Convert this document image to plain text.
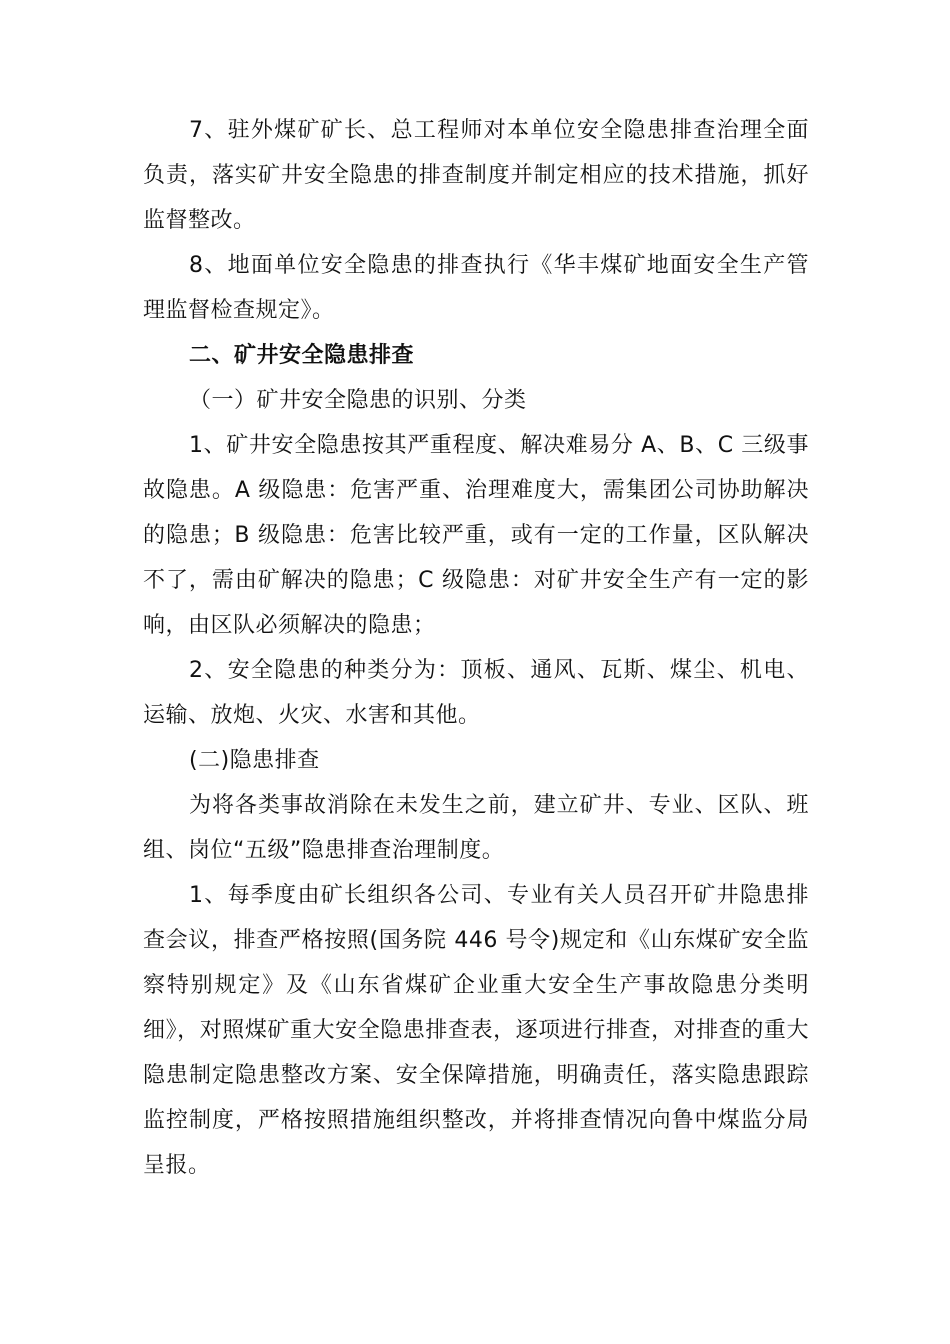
7、驻外煤矿矿长、总工程师对本单位安全隐患排查治理全面负责，落实矿井安全隐患的排查制度并制定相应的技术措施，抓好监督整改。

8、地面单位安全隐患的排查执行《华丰煤矿地面安全生产管理监督检查规定》。

二、矿井安全隐患排查

（一）矿井安全隐患的识别、分类

1、矿井安全隐患按其严重程度、解决难易分 A、B、C 三级事故隐患。A 级隐患：危害严重、治理难度大，需集团公司协助解决的隐患；B 级隐患：危害比较严重，或有一定的工作量，区队解决不了，需由矿解决的隐患；C 级隐患：对矿井安全生产有一定的影响，由区队必须解决的隐患；

2、安全隐患的种类分为：顶板、通风、瓦斯、煤尘、机电、运输、放炮、火灾、水害和其他。

(二)隐患排查

为将各类事故消除在未发生之前，建立矿井、专业、区队、班组、岗位“五级”隐患排查治理制度。

1、每季度由矿长组织各公司、专业有关人员召开矿井隐患排查会议，排查严格按照(国务院 446 号令)规定和《山东煤矿安全监察特别规定》及《山东省煤矿企业重大安全生产事故隐患分类明细》，对照煤矿重大安全隐患排查表，逐项进行排查，对排查的重大隐患制定隐患整改方案、安全保障措施，明确责任，落实隐患跟踪监控制度，严格按照措施组织整改，并将排查情况向鲁中煤监分局呈报。
